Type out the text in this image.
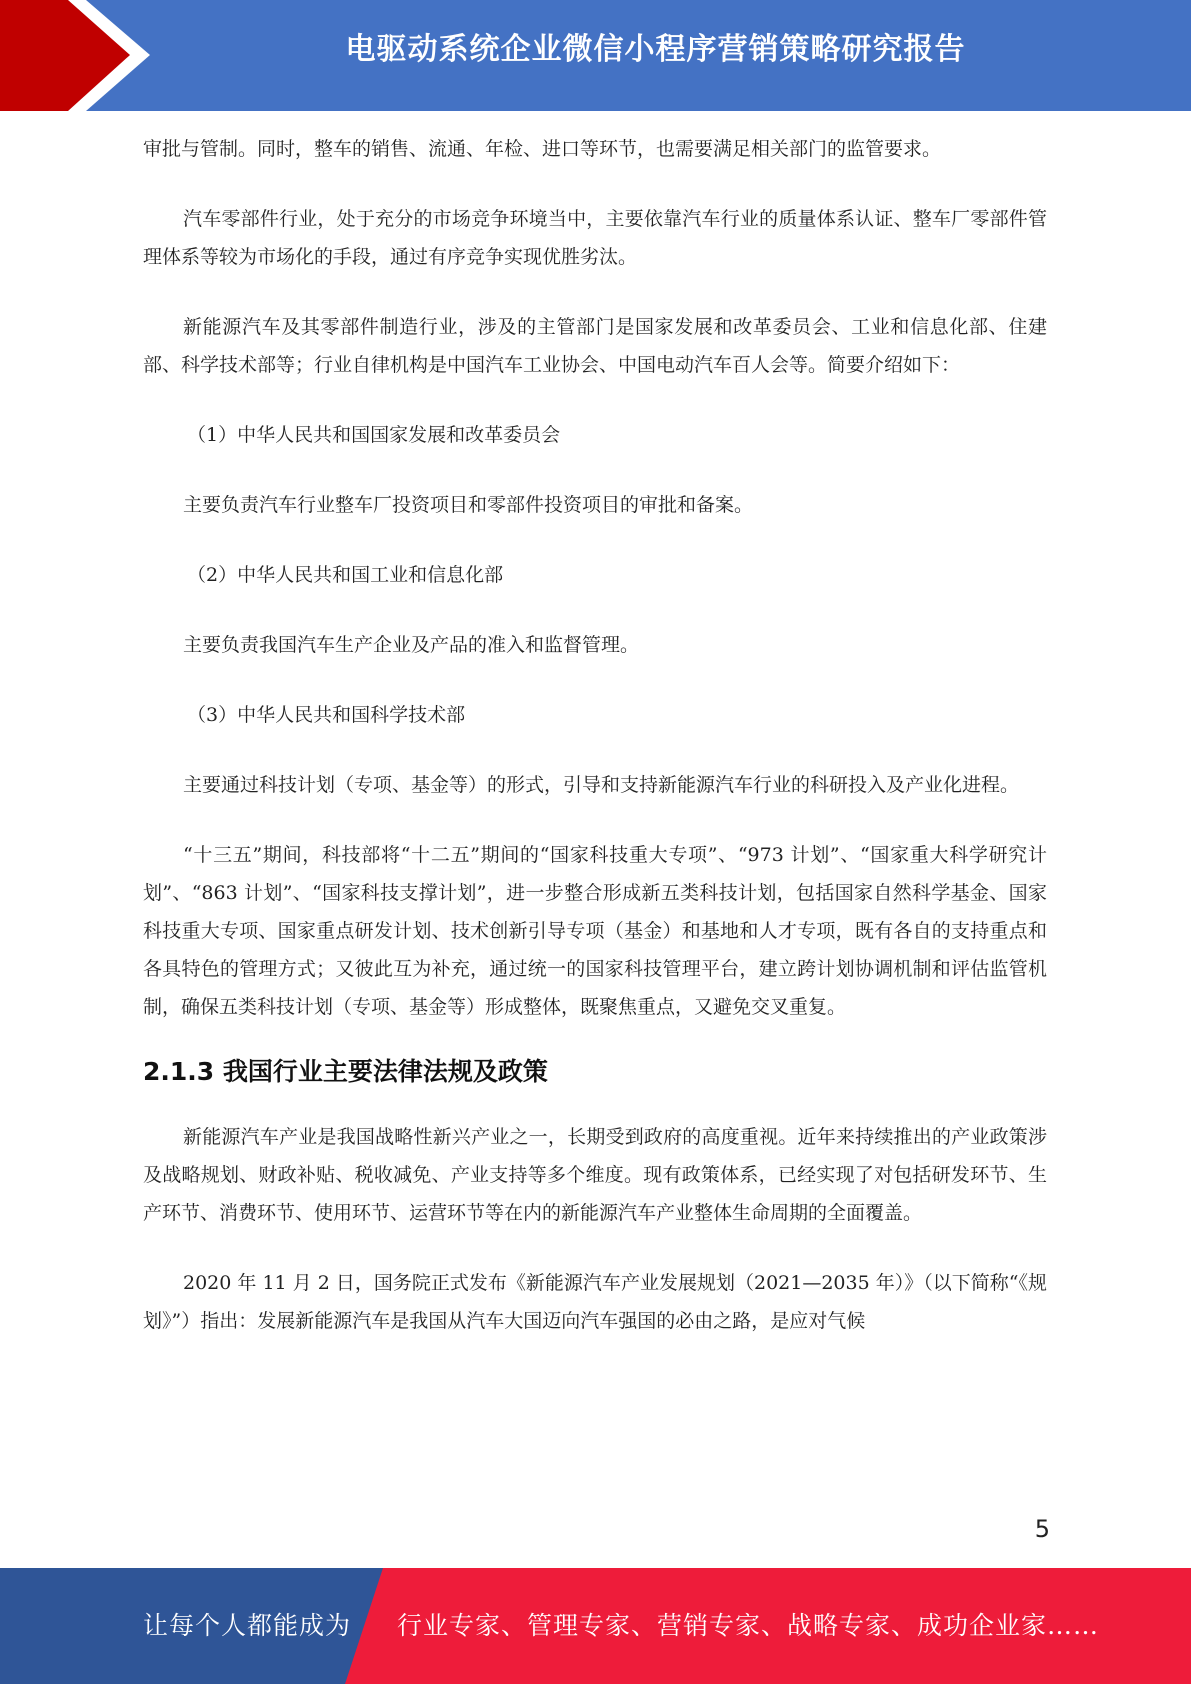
电驱动系统企业微信小程序营销策略研究报告

审批与管制。同时，整车的销售、流通、年检、进口等环节，也需要满足相关部门的监管要求。

汽车零部件行业，处于充分的市场竞争环境当中，主要依靠汽车行业的质量体系认证、整车厂零部件管理体系等较为市场化的手段，通过有序竞争实现优胜劣汰。

新能源汽车及其零部件制造行业，涉及的主管部门是国家发展和改革委员会、工业和信息化部、住建部、科学技术部等；行业自律机构是中国汽车工业协会、中国电动汽车百人会等。简要介绍如下：

（1）中华人民共和国国家发展和改革委员会

主要负责汽车行业整车厂投资项目和零部件投资项目的审批和备案。

（2）中华人民共和国工业和信息化部

主要负责我国汽车生产企业及产品的准入和监督管理。

（3）中华人民共和国科学技术部

主要通过科技计划（专项、基金等）的形式，引导和支持新能源汽车行业的科研投入及产业化进程。

“十三五”期间，科技部将“十二五”期间的“国家科技重大专项”、“973 计划”、“国家重大科学研究计划”、“863 计划”、“国家科技支撑计划”，进一步整合形成新五类科技计划，包括国家自然科学基金、国家科技重大专项、国家重点研发计划、技术创新引导专项（基金）和基地和人才专项，既有各自的支持重点和各具特色的管理方式；又彼此互为补充，通过统一的国家科技管理平台，建立跨计划协调机制和评估监管机制，确保五类科技计划（专项、基金等）形成整体，既聚焦重点，又避免交叉重复。

2.1.3 我国行业主要法律法规及政策

新能源汽车产业是我国战略性新兴产业之一，长期受到政府的高度重视。近年来持续推出的产业政策涉及战略规划、财政补贴、税收减免、产业支持等多个维度。现有政策体系，已经实现了对包括研发环节、生产环节、消费环节、使用环节、运营环节等在内的新能源汽车产业整体生命周期的全面覆盖。

2020 年 11 月 2 日，国务院正式发布《新能源汽车产业发展规划（2021—2035 年）》（以下简称“《规划》”）指出：发展新能源汽车是我国从汽车大国迈向汽车强国的必由之路，是应对气候

5
让每个人都能成为 行业专家、管理专家、营销专家、战略专家、成功企业家……
